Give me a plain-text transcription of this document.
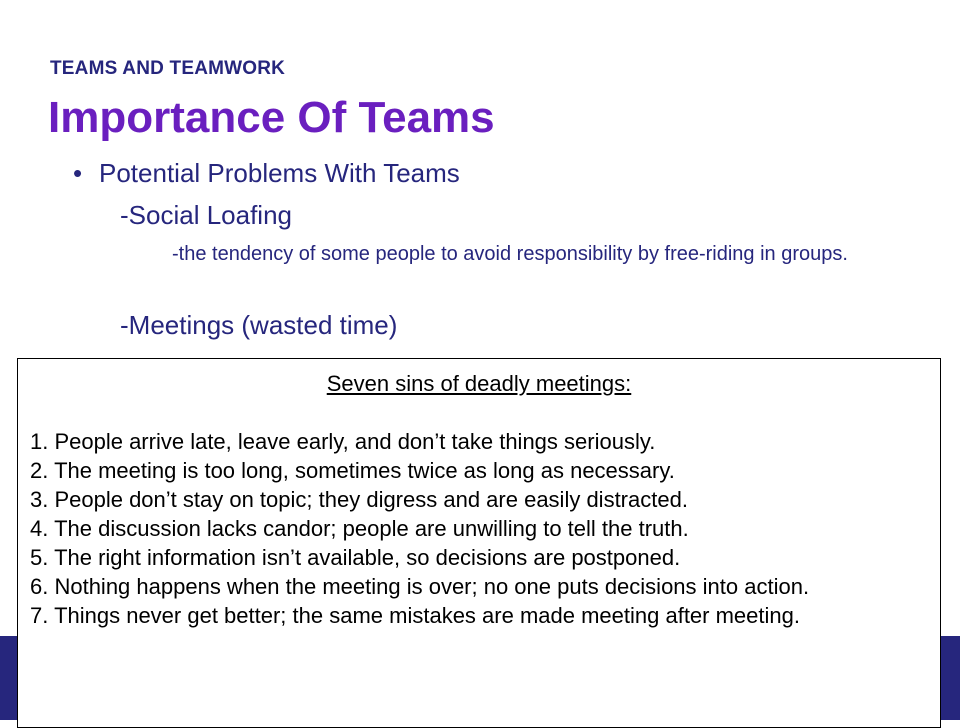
TEAMS AND TEAMWORK
Importance Of Teams
• Potential Problems With Teams
-Social Loafing
-the tendency of some people to avoid responsibility by free-riding in groups.
-Meetings (wasted time)

Seven sins of deadly meetings:

1. People arrive late, leave early, and don’t take things seriously.
2. The meeting is too long, sometimes twice as long as necessary.
3. People don’t stay on topic; they digress and are easily distracted.
4. The discussion lacks candor; people are unwilling to tell the truth.
5. The right information isn’t available, so decisions are postponed.
6. Nothing happens when the meeting is over; no one puts decisions into action.
7. Things never get better; the same mistakes are made meeting after meeting.
